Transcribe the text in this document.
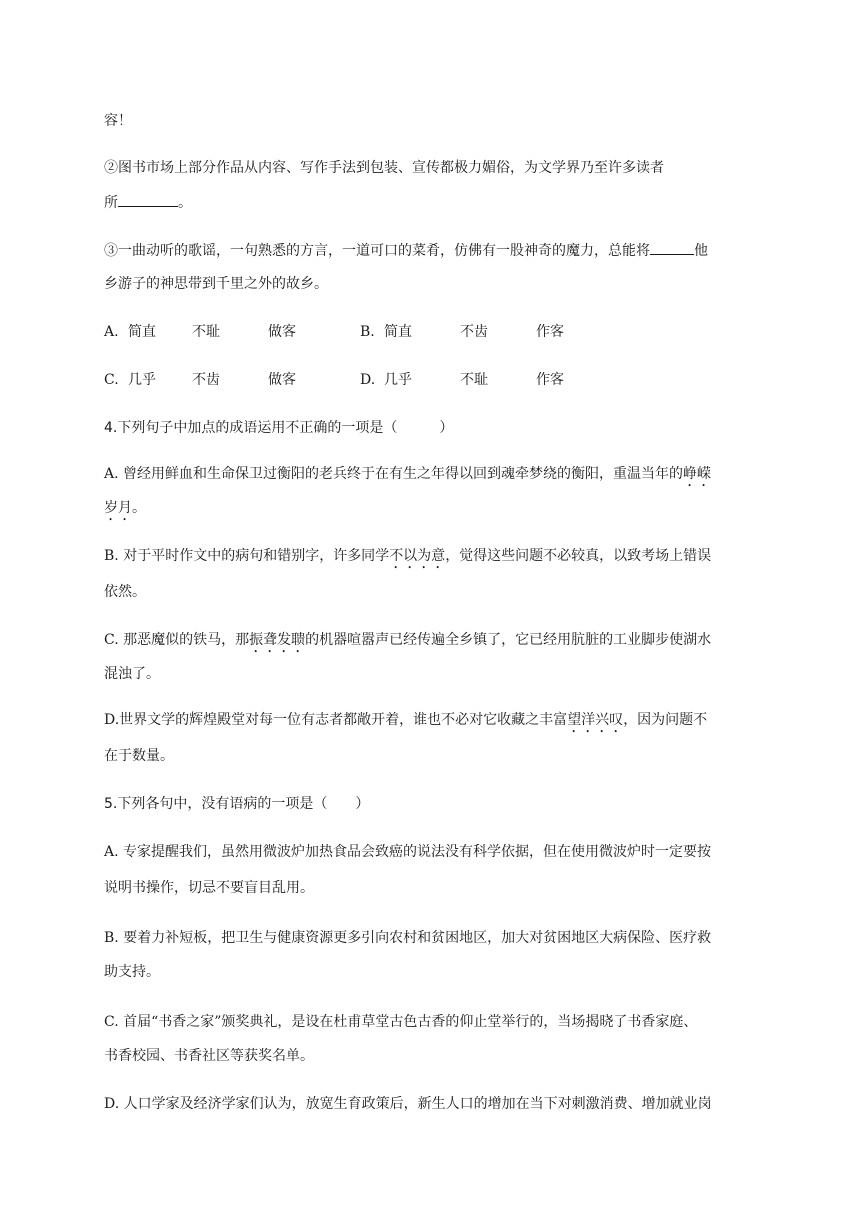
容！
②图书市场上部分作品从内容、写作手法到包装、宣传都极力媚俗，为文学界乃至许多读者
所	。
③一曲动听的歌谣，一句熟悉的方言，一道可口的菜肴，仿佛有一股神奇的魔力，总能将	他
乡游子的神思带到千里之外的故乡。
A. 简直	不耻	做客	B. 简直	不齿	作客
C. 几乎	不齿	做客	D. 几乎	不耻	作客
4.下列句子中加点的成语运用不正确的一项是（　　　）
A. 曾经用鲜血和生命保卫过衡阳的老兵终于在有生之年得以回到魂牵梦绕的衡阳，重温当年的峥嵘
岁月。
B. 对于平时作文中的病句和错别字，许多同学不以为意，觉得这些问题不必较真，以致考场上错误
依然。
C. 那恶魔似的铁马，那振聋发聩的机器喧嚣声已经传遍全乡镇了，它已经用肮脏的工业脚步使湖水
混浊了。
D.世界文学的辉煌殿堂对每一位有志者都敞开着，谁也不必对它收藏之丰富望洋兴叹，因为问题不
在于数量。
5.下列各句中，没有语病的一项是（　　）
A. 专家提醒我们，虽然用微波炉加热食品会致癌的说法没有科学依据，但在使用微波炉时一定要按
说明书操作，切忌不要盲目乱用。
B. 要着力补短板，把卫生与健康资源更多引向农村和贫困地区，加大对贫困地区大病保险、医疗救
助支持。
C. 首届“书香之家”颁奖典礼，是设在杜甫草堂古色古香的仰止堂举行的，当场揭晓了书香家庭、
书香校园、书香社区等获奖名单。
D. 人口学家及经济学家们认为，放宽生育政策后，新生人口的增加在当下对刺激消费、增加就业岗
